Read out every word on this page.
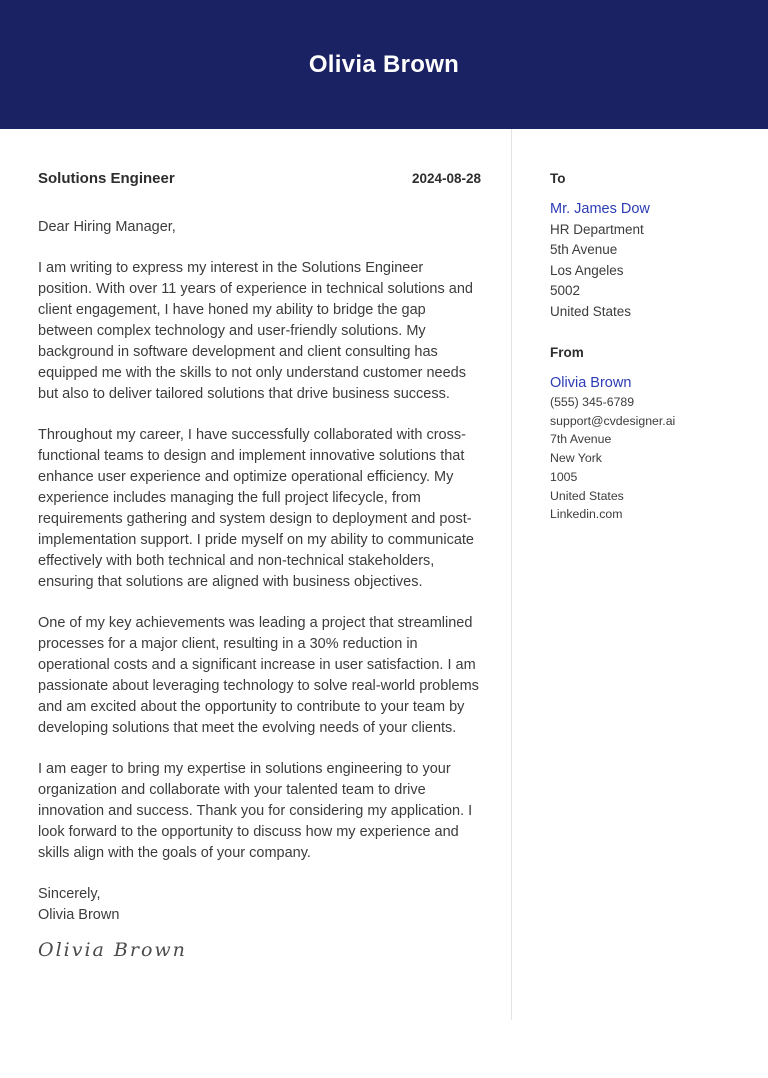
Olivia Brown
Solutions Engineer	2024-08-28
Dear Hiring Manager,

I am writing to express my interest in the Solutions Engineer position. With over 11 years of experience in technical solutions and client engagement, I have honed my ability to bridge the gap between complex technology and user-friendly solutions. My background in software development and client consulting has equipped me with the skills to not only understand customer needs but also to deliver tailored solutions that drive business success.

Throughout my career, I have successfully collaborated with cross-functional teams to design and implement innovative solutions that enhance user experience and optimize operational efficiency. My experience includes managing the full project lifecycle, from requirements gathering and system design to deployment and post-implementation support. I pride myself on my ability to communicate effectively with both technical and non-technical stakeholders, ensuring that solutions are aligned with business objectives.

One of my key achievements was leading a project that streamlined processes for a major client, resulting in a 30% reduction in operational costs and a significant increase in user satisfaction. I am passionate about leveraging technology to solve real-world problems and am excited about the opportunity to contribute to your team by developing solutions that meet the evolving needs of your clients.

I am eager to bring my expertise in solutions engineering to your organization and collaborate with your talented team to drive innovation and success. Thank you for considering my application. I look forward to the opportunity to discuss how my experience and skills align with the goals of your company.

Sincerely,
Olivia Brown
Olivia Brown
To
Mr. James Dow
HR Department
5th Avenue
Los Angeles
5002
United States
From
Olivia Brown
(555) 345-6789
support@cvdesigner.ai
7th Avenue
New York
1005
United States
Linkedin.com
